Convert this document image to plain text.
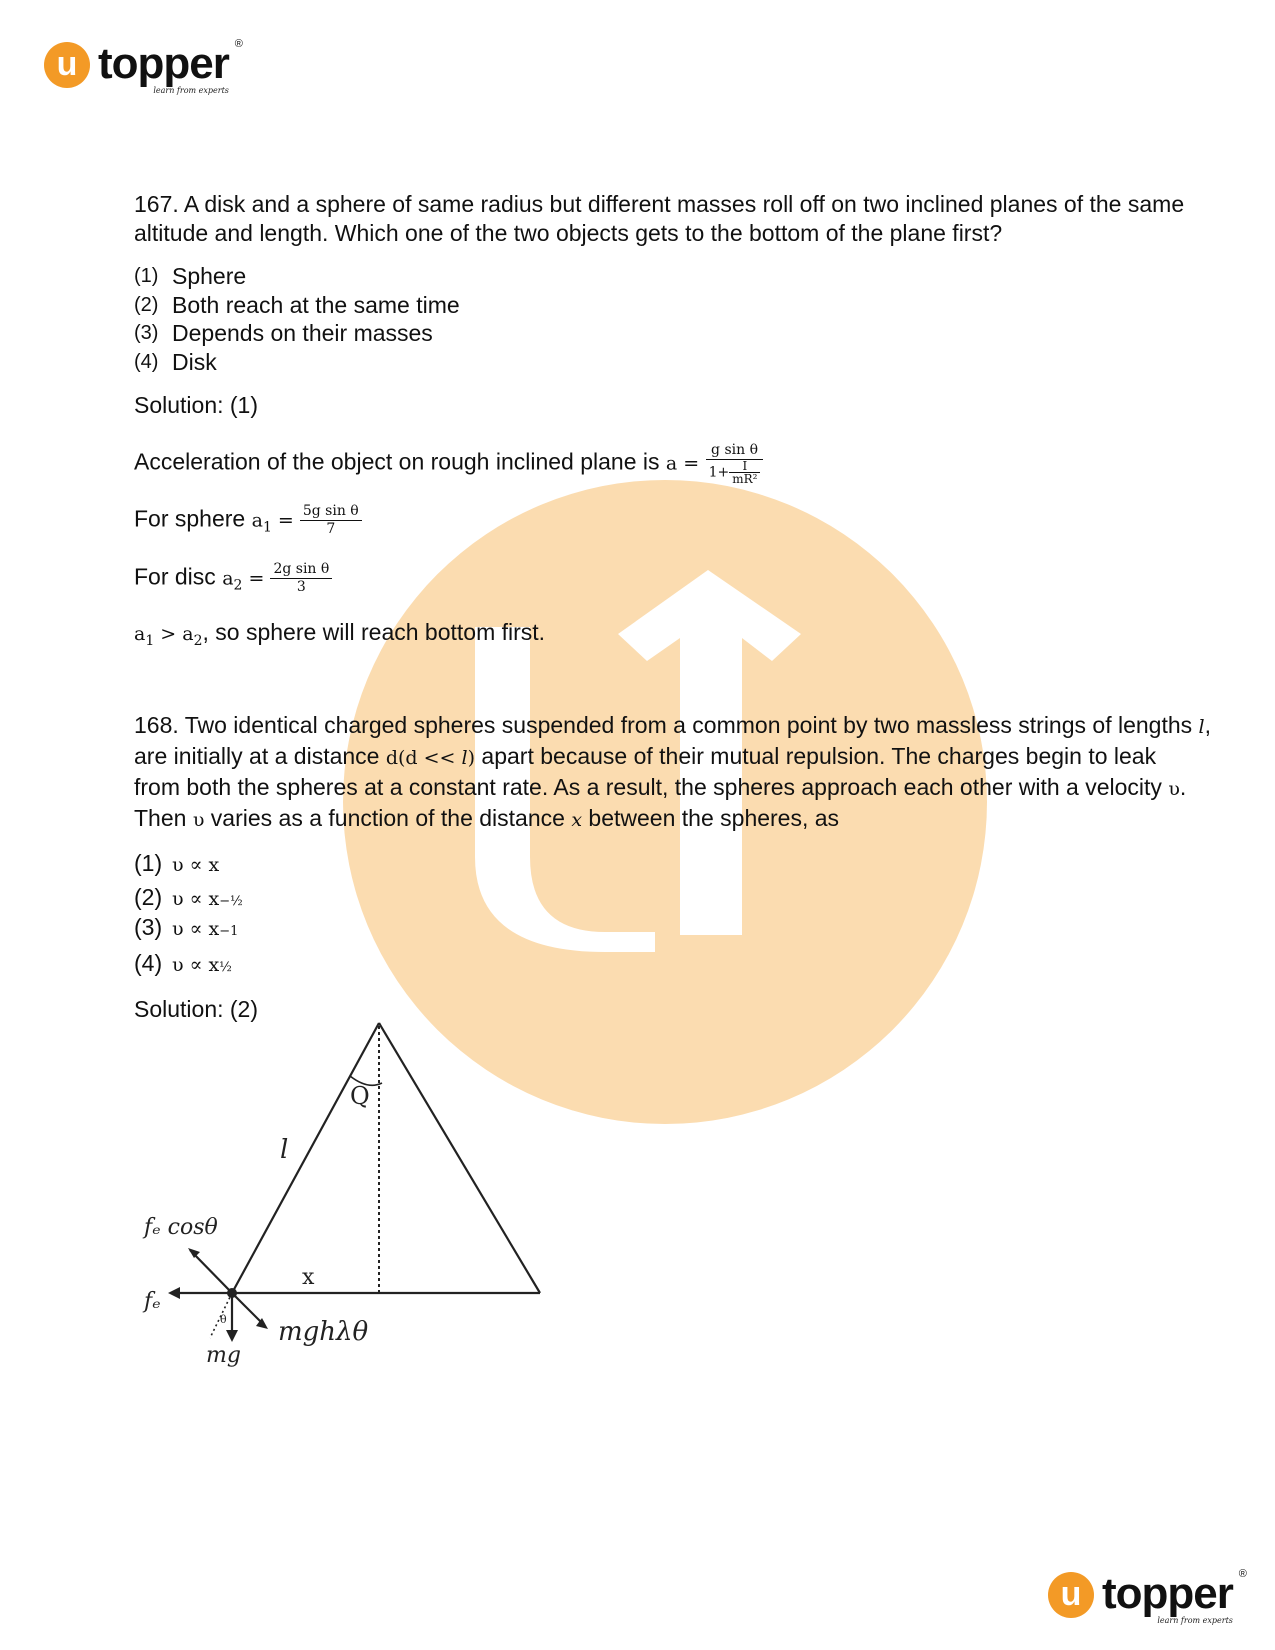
u topper ®
learn from experts
u topper ®
learn from experts

167. A disk and a sphere of same radius but different masses roll off on two inclined planes of the same altitude and length. Which one of the two objects gets to the bottom of the plane first?

(1) Sphere
(2) Both reach at the same time
(3) Depends on their masses
(4) Disk
Solution: (1)
Acceleration of the object on rough inclined plane is $a = \frac{\text{g sin θ}}{1+ \frac{I}{\text{mR²}}}$
For sphere $a_1 = \frac{\text{5g sin θ}}{7}$
For disc $a_2 = \frac{\text{2g sin θ}}{3}$
$a_1 > a_2$, so sphere will reach bottom first.
168. Two identical charged spheres suspended from a common point by two massless strings of lengths l,
are initially at a distance d(d << l) apart because of their mutual repulsion. The charges begin to leak
from both the spheres at a constant rate. As a result, the spheres approach each other with a velocity υ.
Then υ varies as a function of the distance x between the spheres, as
(1) υ ∝ x
(2) υ ∝ x −½
(3) υ ∝ x −1
(4) υ ∝ x ½
Solution: (2)
Q
l
x
fₑ cosθ
fₑ
mg
mghλθ
θ
